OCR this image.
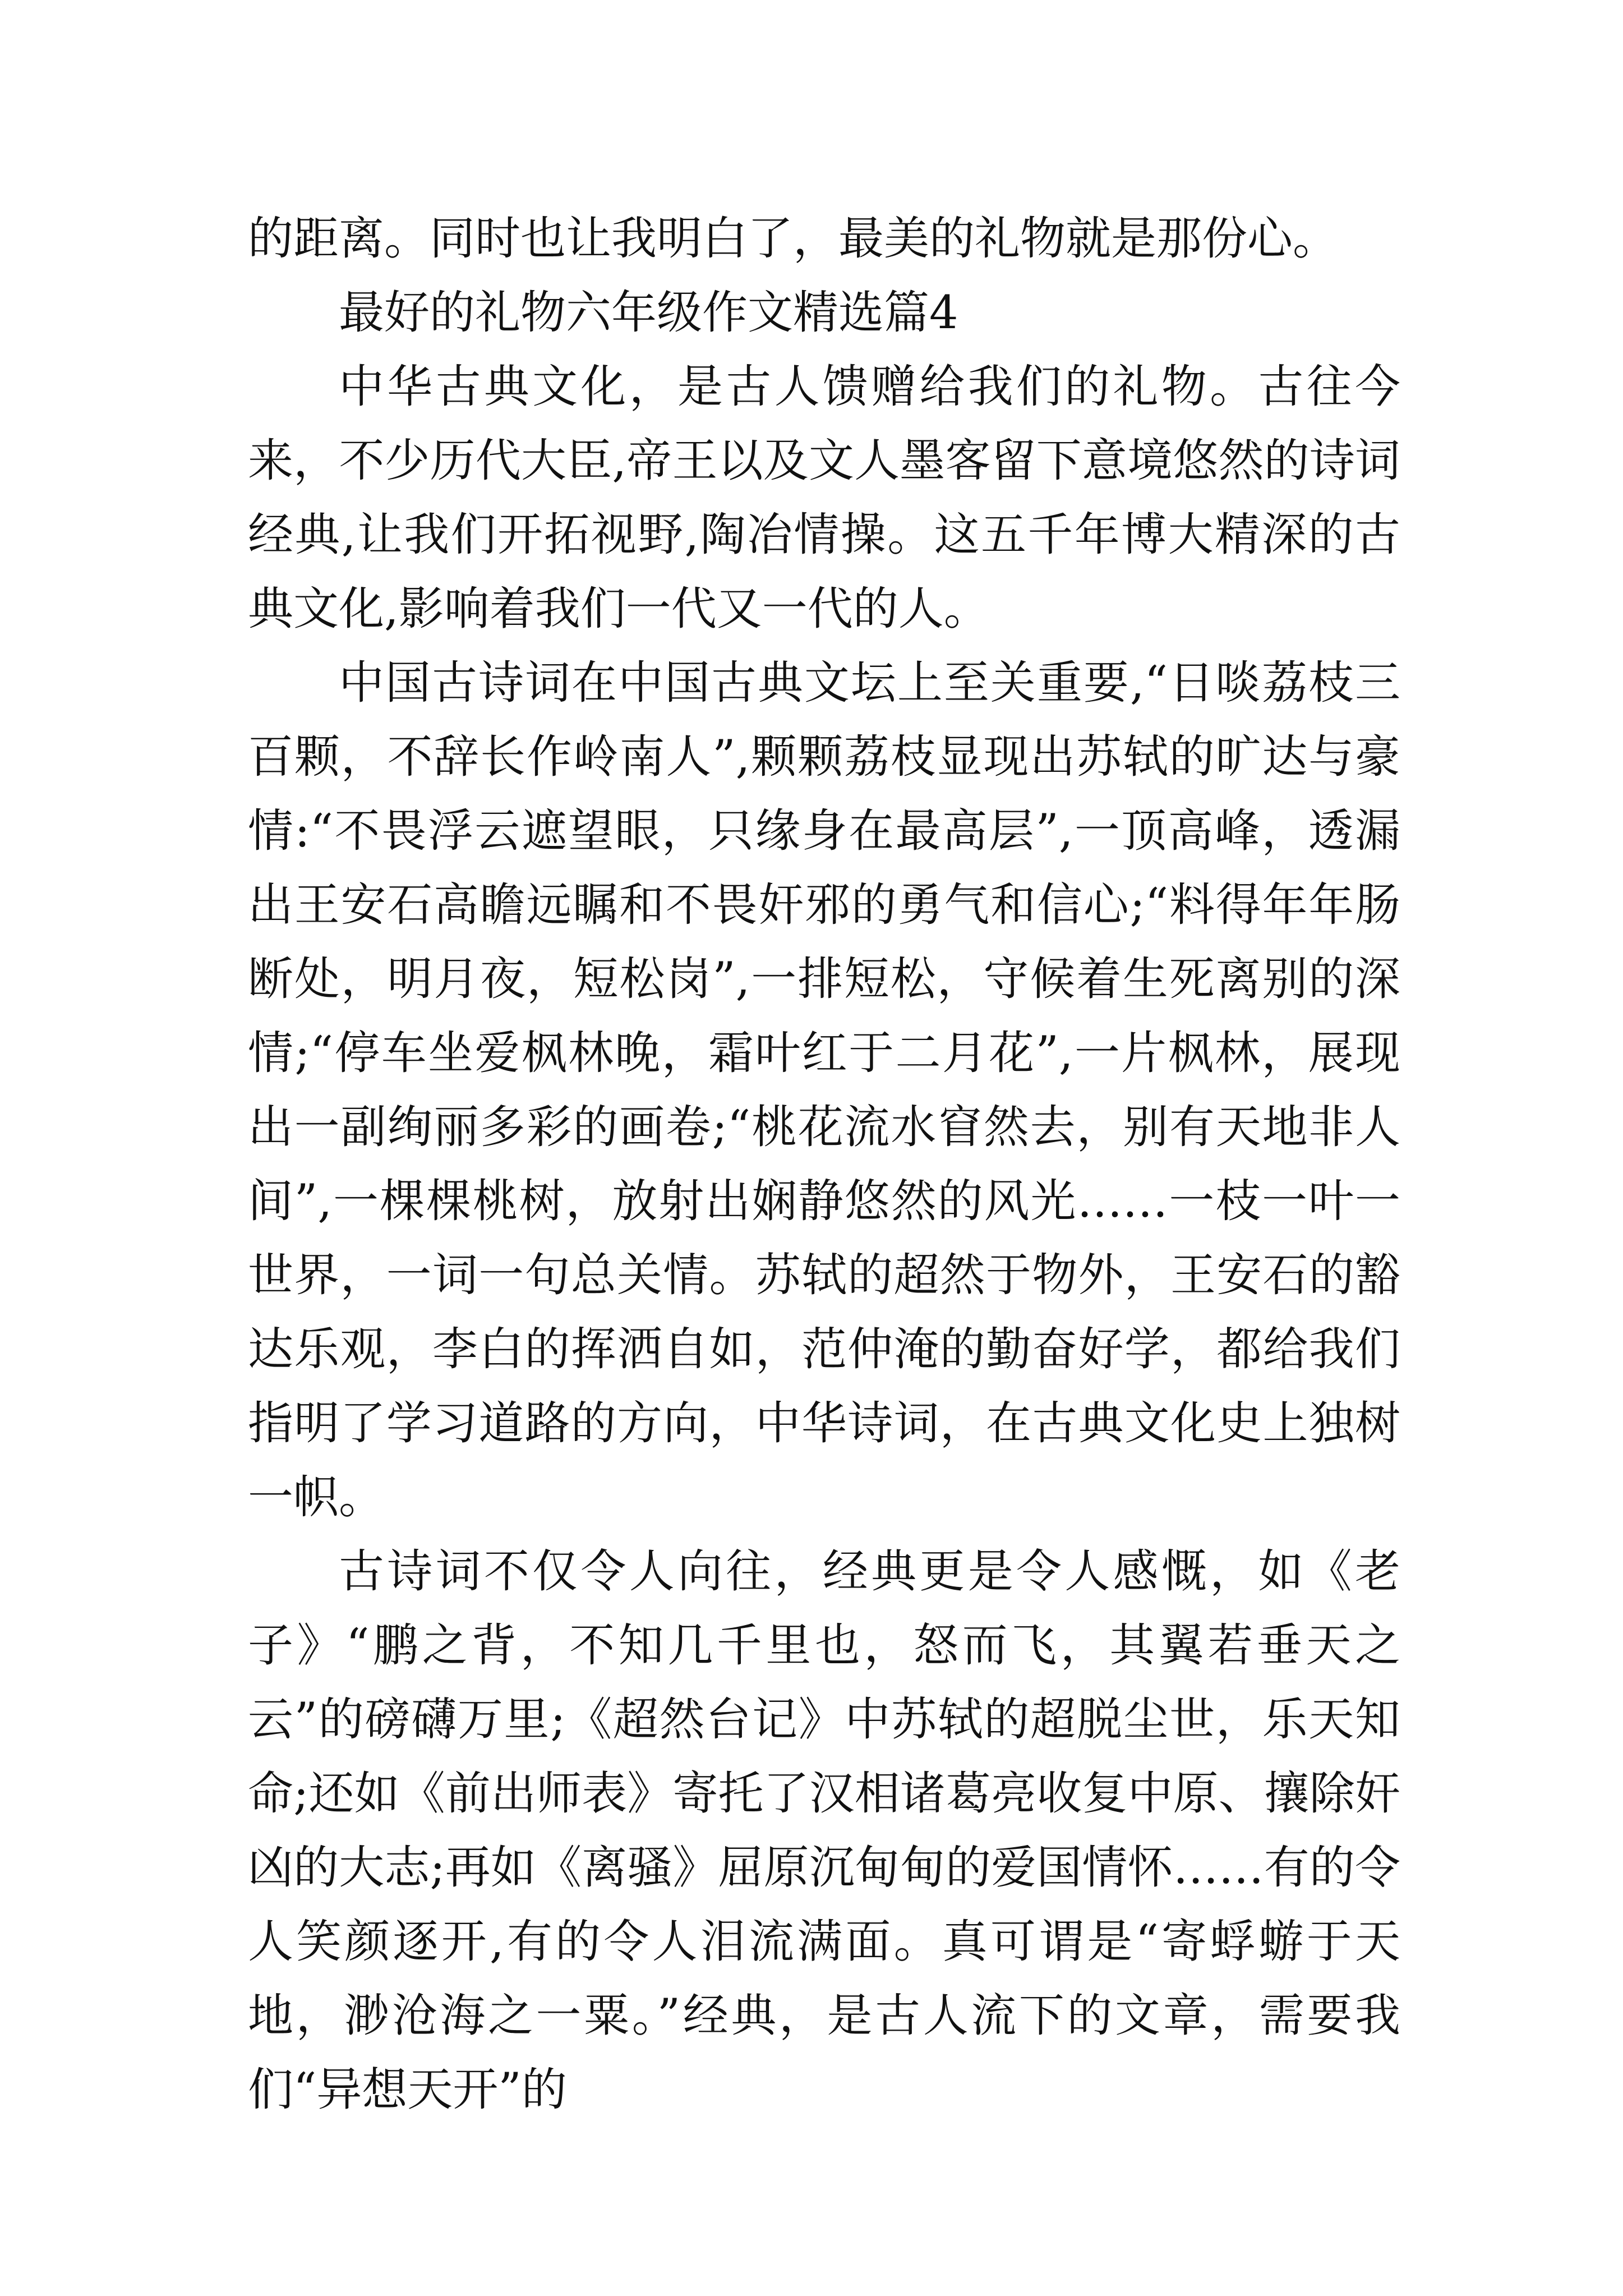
的距离。同时也让我明白了，最美的礼物就是那份心。

最好的礼物六年级作文精选篇4

中华古典文化，是古人馈赠给我们的礼物。古往今来，不少历代大臣,帝王以及文人墨客留下意境悠然的诗词经典,让我们开拓视野,陶冶情操。这五千年博大精深的古典文化,影响着我们一代又一代的人。

中国古诗词在中国古典文坛上至关重要,“日啖荔枝三百颗，不辞长作岭南人”,颗颗荔枝显现出苏轼的旷达与豪情:“不畏浮云遮望眼，只缘身在最高层”,一顶高峰，透漏出王安石高瞻远瞩和不畏奸邪的勇气和信心;“料得年年肠断处，明月夜，短松岗”,一排短松，守候着生死离别的深情;“停车坐爱枫林晚，霜叶红于二月花”,一片枫林，展现出一副绚丽多彩的画卷;“桃花流水窅然去，别有天地非人间”,一棵棵桃树，放射出娴静悠然的风光……一枝一叶一世界，一词一句总关情。苏轼的超然于物外，王安石的豁达乐观，李白的挥洒自如，范仲淹的勤奋好学，都给我们指明了学习道路的方向，中华诗词，在古典文化史上独树一帜。

古诗词不仅令人向往，经典更是令人感慨，如《老子》“鹏之背，不知几千里也，怒而飞，其翼若垂天之云”的磅礴万里;《超然台记》中苏轼的超脱尘世，乐天知命;还如《前出师表》寄托了汉相诸葛亮收复中原、攘除奸凶的大志;再如《离骚》屈原沉甸甸的爱国情怀……有的令人笑颜逐开,有的令人泪流满面。真可谓是“寄蜉蝣于天地，渺沧海之一粟。”经典，是古人流下的文章，需要我们“异想天开”的
